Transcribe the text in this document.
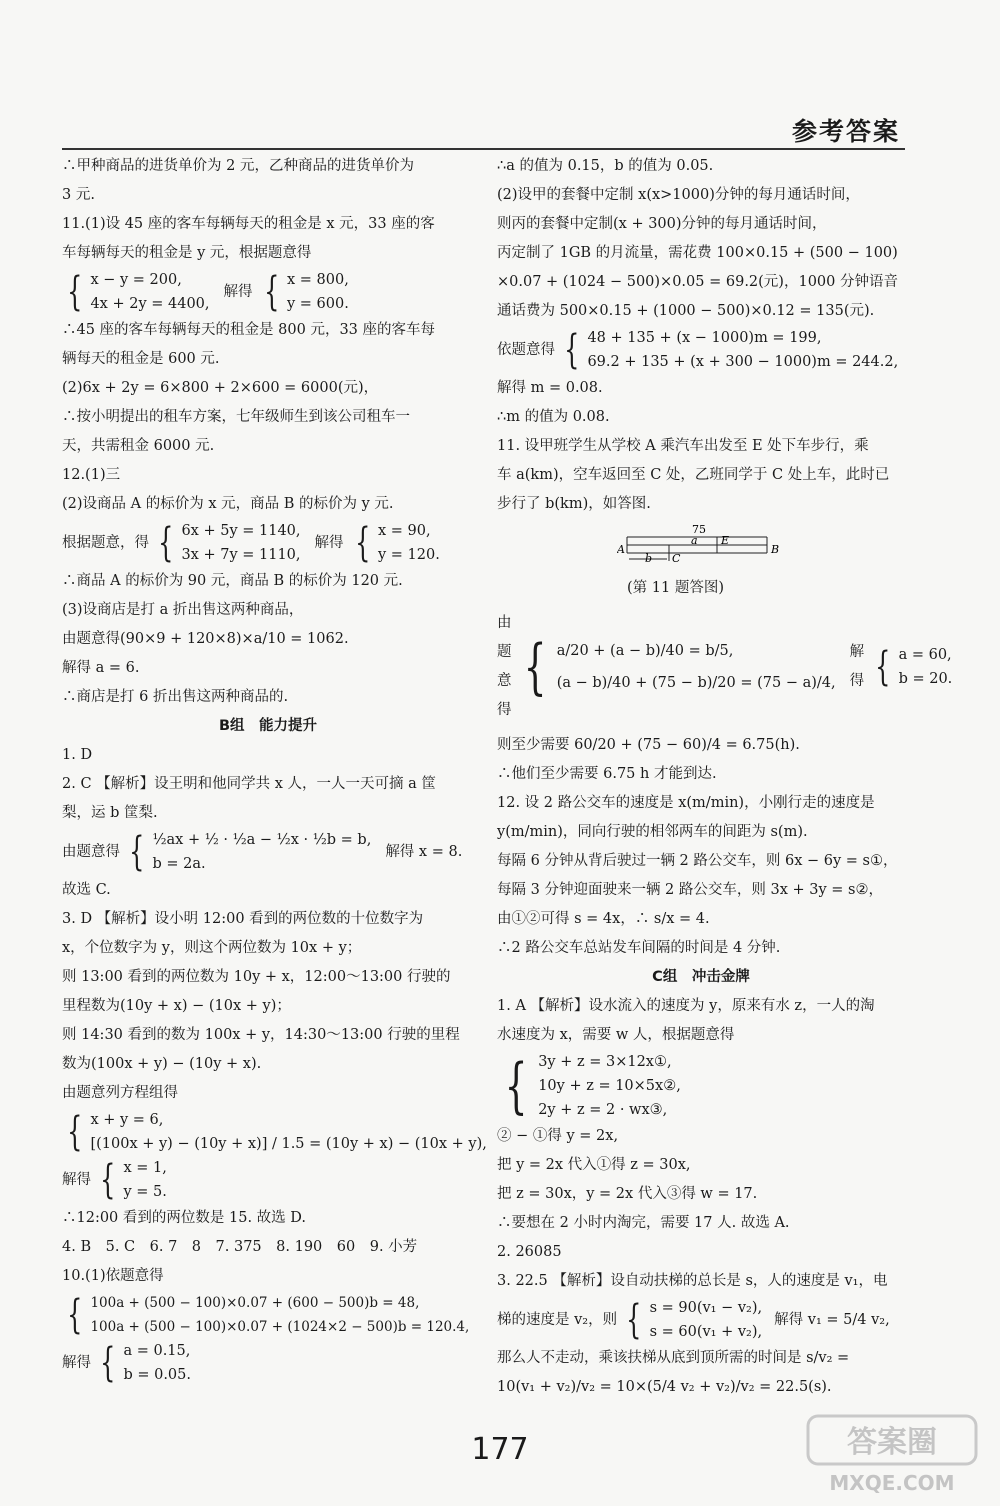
参考答案
∴甲种商品的进货单价为 2 元，乙种商品的进货单价为
3 元.
11.(1)设 45 座的客车每辆每天的租金是 x 元，33 座的客
车每辆每天的租金是 y 元，根据题意得
{ x − y = 200,
4x + 2y = 4400,
解得 { x = 800,
y = 600.
∴45 座的客车每辆每天的租金是 800 元，33 座的客车每
辆每天的租金是 600 元.
(2)6x + 2y = 6×800 + 2×600 = 6000(元)，
∴按小明提出的租车方案，七年级师生到该公司租车一
天，共需租金 6000 元.
12.(1)三
(2)设商品 A 的标价为 x 元，商品 B 的标价为 y 元.
根据题意，得 { 6x + 5y = 1140,
3x + 7y = 1110,
解得 { x = 90,
y = 120.
∴商品 A 的标价为 90 元，商品 B 的标价为 120 元.
(3)设商店是打 a 折出售这两种商品，
由题意得(90×9 + 120×8)×a/10 = 1062.
解得 a = 6.
∴商店是打 6 折出售这两种商品的.
B组　能力提升
1. D
2. C 【解析】设王明和他同学共 x 人，一人一天可摘 a 筐
梨，运 b 筐梨.
由题意得 { ½ax + ½ · ½a − ½x · ½b = b,
b = 2a.
解得 x = 8.
故选 C.
3. D 【解析】设小明 12:00 看到的两位数的十位数字为
x，个位数字为 y，则这个两位数为 10x + y；
则 13:00 看到的两位数为 10y + x，12:00～13:00 行驶的
里程数为(10y + x) − (10x + y)；
则 14:30 看到的数为 100x + y，14:30～13:00 行驶的里程
数为(100x + y) − (10y + x).
由题意列方程组得
{ x + y = 6,
[(100x + y) − (10y + x)] / 1.5 = (10y + x) − (10x + y),
解得 { x = 1,
y = 5.
∴12:00 看到的两位数是 15. 故选 D.
4. B　5. C　6. 7　8　7. 375　8. 190　60　9. 小芳
10.(1)依题意得
{ 100a + (500 − 100)×0.07 + (600 − 500)b = 48,
100a + (500 − 100)×0.07 + (1024×2 − 500)b = 120.4,
解得 { a = 0.15,
b = 0.05.
∴a 的值为 0.15，b 的值为 0.05.
(2)设甲的套餐中定制 x(x>1000)分钟的每月通话时间，
则丙的套餐中定制(x + 300)分钟的每月通话时间，
丙定制了 1GB 的月流量，需花费 100×0.15 + (500 − 100)
×0.07 + (1024 − 500)×0.05 = 69.2(元)，1000 分钟语音
通话费为 500×0.15 + (1000 − 500)×0.12 = 135(元).
依题意得 { 48 + 135 + (x − 1000)m = 199,
69.2 + 135 + (x + 300 − 1000)m = 244.2,
解得 m = 0.08.
∴m 的值为 0.08.
11. 设甲班学生从学校 A 乘汽车出发至 E 处下车步行，乘
车 a(km)，空车返回至 C 处，乙班同学于 C 处上车，此时已
步行了 b(km)，如答图.
75
A	B
a E
b C
(第 11 题答图)
由题意得
{ a/20 + (a − b)/40 = b/5,
(a − b)/40 + (75 − b)/20 = (75 − a)/4,
解得 { a = 60,
b = 20.
则至少需要 60/20 + (75 − 60)/4 = 6.75(h).
∴他们至少需要 6.75 h 才能到达.
12. 设 2 路公交车的速度是 x(m/min)，小刚行走的速度是
y(m/min)，同向行驶的相邻两车的间距为 s(m).
每隔 6 分钟从背后驶过一辆 2 路公交车，则 6x − 6y = s①，
每隔 3 分钟迎面驶来一辆 2 路公交车，则 3x + 3y = s②，
由①②可得 s = 4x，∴ s/x = 4.
∴2 路公交车总站发车间隔的时间是 4 分钟.
C组　冲击金牌
1. A 【解析】设水流入的速度为 y，原来有水 z，一人的淘
水速度为 x，需要 w 人，根据题意得
{ 3y + z = 3×12x①,
10y + z = 10×5x②,
2y + z = 2 · wx③,
② − ①得 y = 2x,
把 y = 2x 代入①得 z = 30x,
把 z = 30x，y = 2x 代入③得 w = 17.
∴要想在 2 小时内淘完，需要 17 人. 故选 A.
2. 26085
3. 22.5 【解析】设自动扶梯的总长是 s，人的速度是 v₁，电
梯的速度是 v₂，则 { s = 90(v₁ − v₂),
s = 60(v₁ + v₂),
解得 v₁ = 5/4 v₂,
那么人不走动，乘该扶梯从底到顶所需的时间是 s/v₂ =
10(v₁ + v₂)/v₂ = 10×(5/4 v₂ + v₂)/v₂ = 22.5(s).
177	答案圈
MXQE.COM
